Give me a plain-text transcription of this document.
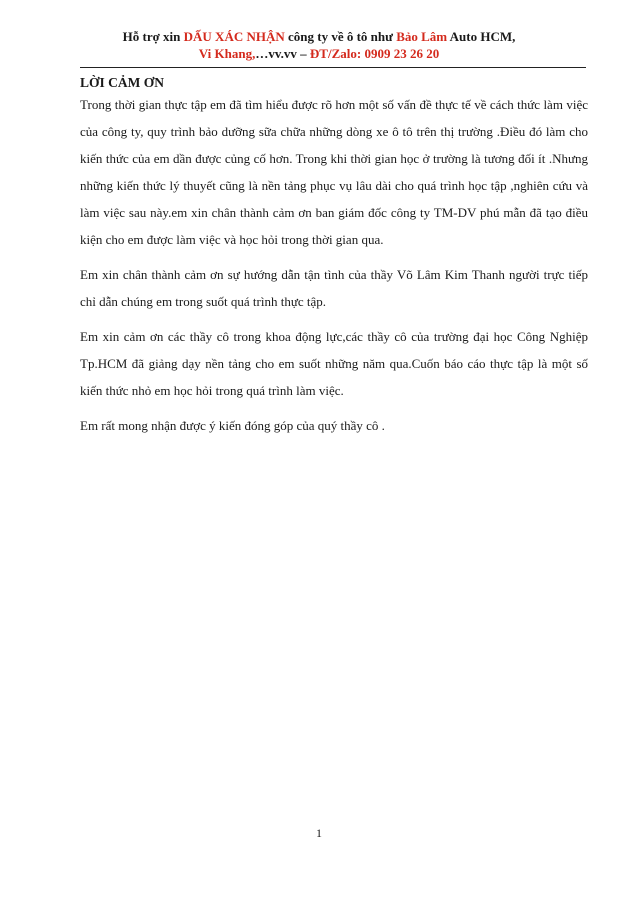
Hỗ trợ xin DẤU XÁC NHẬN công ty về ô tô như Bảo Lâm Auto HCM,
Vi Khang,…vv.vv – ĐT/Zalo: 0909 23 26 20
LỜI CẢM ƠN

Trong thời gian thực tập em đã tìm hiểu được rõ hơn một số vấn đề thực tế về cách thức làm việc của công ty, quy trình bảo dưỡng sữa chữa những dòng xe ô tô trên thị trường .Điều đó làm cho kiến thức của em dần được củng cố hơn. Trong khi thời gian học ở trường là tương đối ít .Nhưng những kiến thức lý thuyết cũng là nền tảng phục vụ lâu dài cho quá trình học tập ,nghiên cứu và làm việc sau này.em xin chân thành cảm ơn ban giám đốc công ty TM-DV phú mẫn đã tạo điều kiện cho em được làm việc và học hỏi trong thời gian qua.

Em xin chân thành cảm ơn sự hướng dẫn tận tình của thầy Võ Lâm Kim Thanh người trực tiếp chỉ dẫn chúng em trong suốt quá trình thực tập.

Em xin cảm ơn các thầy cô trong khoa động lực,các thầy cô của trường đại học Công Nghiệp Tp.HCM đã giảng dạy nền tảng cho em suốt những năm qua.Cuốn báo cáo thực tập là một số kiến thức nhỏ em học hỏi trong quá trình làm việc.

Em rất mong nhận được ý kiến đóng góp của quý thầy cô .

1
